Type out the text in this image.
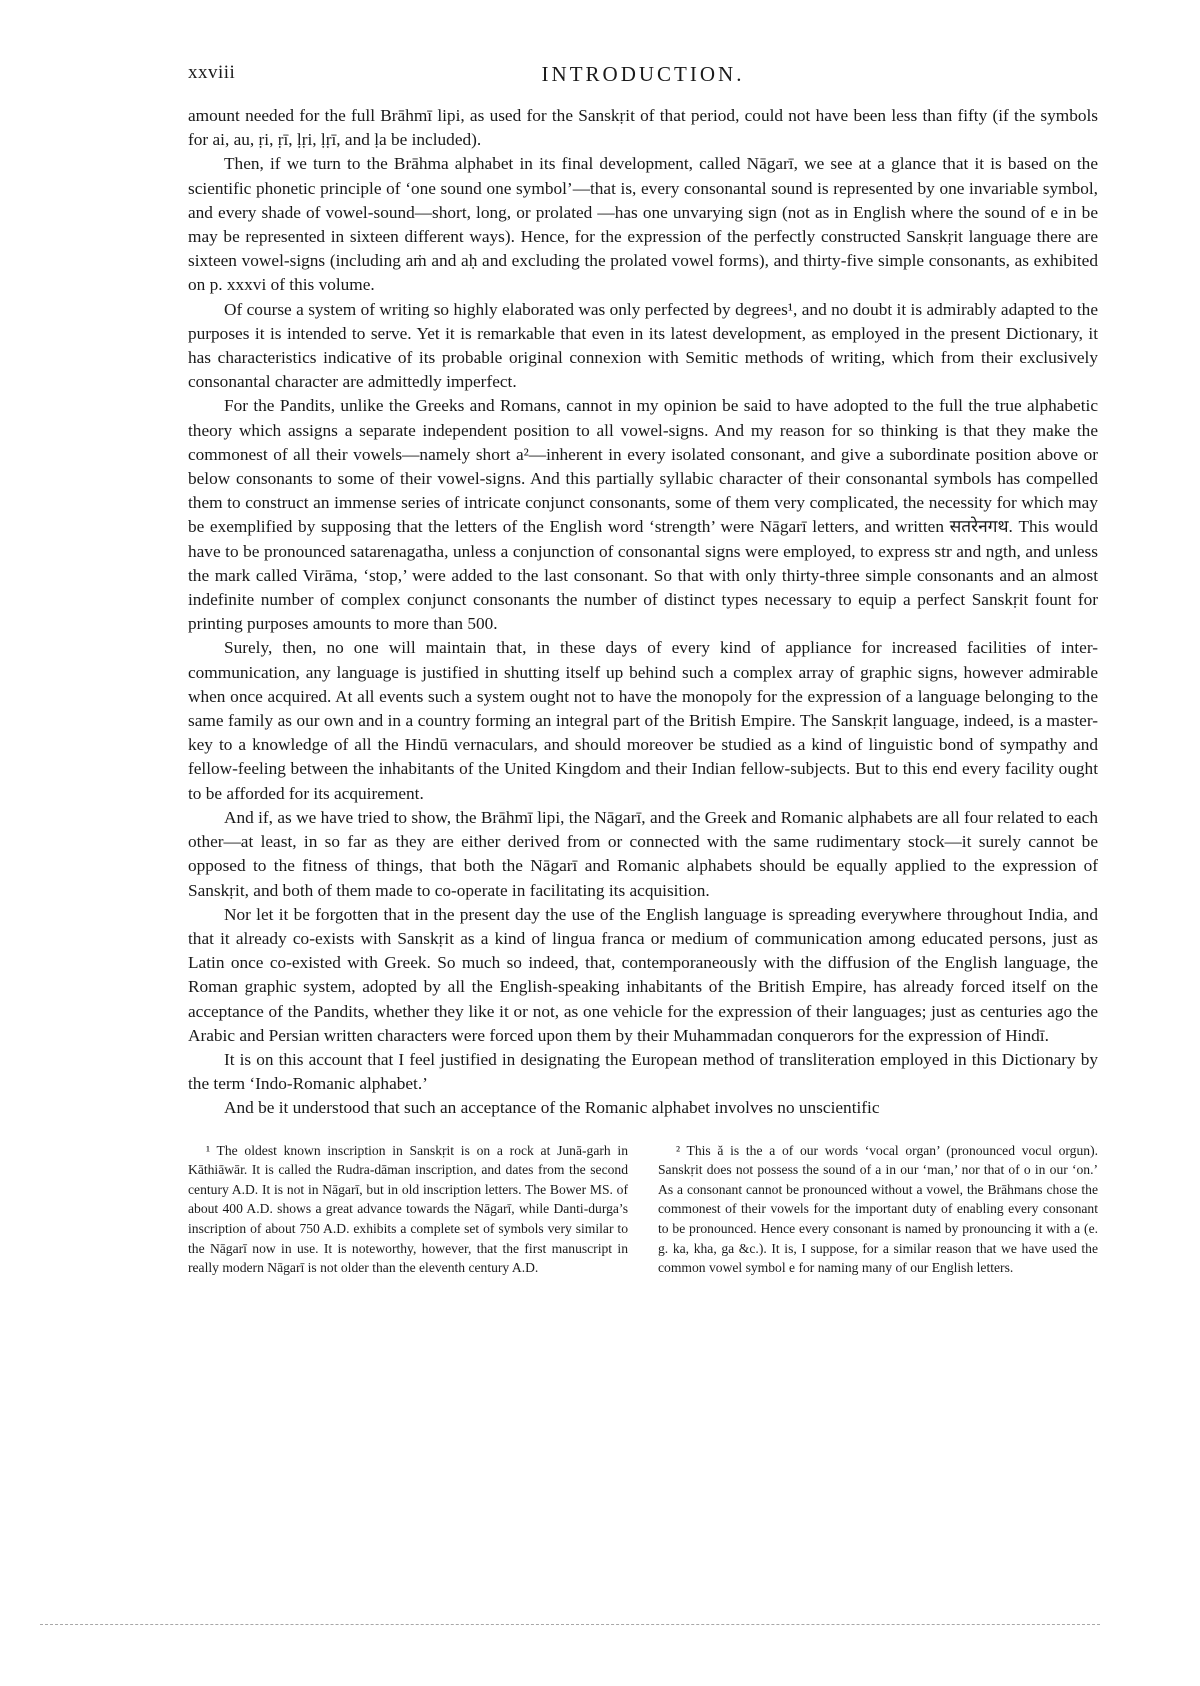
xxviii	INTRODUCTION.

amount needed for the full Brāhmī lipi, as used for the Sanskṛit of that period, could not have been less than fifty (if the symbols for ai, au, ṛi, ṛī, ḷṛi, ḷṛī, and ḷa be included).

Then, if we turn to the Brāhma alphabet in its final development, called Nāgarī, we see at a glance that it is based on the scientific phonetic principle of ‘one sound one symbol’—that is, every consonantal sound is represented by one invariable symbol, and every shade of vowel-sound—short, long, or prolated —has one unvarying sign (not as in English where the sound of e in be may be represented in sixteen different ways). Hence, for the expression of the perfectly constructed Sanskṛit language there are sixteen vowel-signs (including aṁ and aḥ and excluding the prolated vowel forms), and thirty-five simple consonants, as exhibited on p. xxxvi of this volume.

Of course a system of writing so highly elaborated was only perfected by degrees¹, and no doubt it is admirably adapted to the purposes it is intended to serve. Yet it is remarkable that even in its latest development, as employed in the present Dictionary, it has characteristics indicative of its probable original connexion with Semitic methods of writing, which from their exclusively consonantal character are admittedly imperfect.

For the Pandits, unlike the Greeks and Romans, cannot in my opinion be said to have adopted to the full the true alphabetic theory which assigns a separate independent position to all vowel-signs. And my reason for so thinking is that they make the commonest of all their vowels—namely short a²—inherent in every isolated consonant, and give a subordinate position above or below consonants to some of their vowel-signs. And this partially syllabic character of their consonantal symbols has compelled them to construct an immense series of intricate conjunct consonants, some of them very complicated, the necessity for which may be exemplified by supposing that the letters of the English word ‘strength’ were Nāgarī letters, and written सतरेनगथ. This would have to be pronounced satarenagatha, unless a conjunction of consonantal signs were employed, to express str and ngth, and unless the mark called Virāma, ‘stop,’ were added to the last consonant. So that with only thirty-three simple consonants and an almost indefinite number of complex conjunct consonants the number of distinct types necessary to equip a perfect Sanskṛit fount for printing purposes amounts to more than 500.

Surely, then, no one will maintain that, in these days of every kind of appliance for increased facilities of inter-communication, any language is justified in shutting itself up behind such a complex array of graphic signs, however admirable when once acquired. At all events such a system ought not to have the monopoly for the expression of a language belonging to the same family as our own and in a country forming an integral part of the British Empire. The Sanskṛit language, indeed, is a master-key to a knowledge of all the Hindū vernaculars, and should moreover be studied as a kind of linguistic bond of sympathy and fellow-feeling between the inhabitants of the United Kingdom and their Indian fellow-subjects. But to this end every facility ought to be afforded for its acquirement.

And if, as we have tried to show, the Brāhmī lipi, the Nāgarī, and the Greek and Romanic alphabets are all four related to each other—at least, in so far as they are either derived from or connected with the same rudimentary stock—it surely cannot be opposed to the fitness of things, that both the Nāgarī and Romanic alphabets should be equally applied to the expression of Sanskṛit, and both of them made to co-operate in facilitating its acquisition.

Nor let it be forgotten that in the present day the use of the English language is spreading everywhere throughout India, and that it already co-exists with Sanskṛit as a kind of lingua franca or medium of communication among educated persons, just as Latin once co-existed with Greek. So much so indeed, that, contemporaneously with the diffusion of the English language, the Roman graphic system, adopted by all the English-speaking inhabitants of the British Empire, has already forced itself on the acceptance of the Pandits, whether they like it or not, as one vehicle for the expression of their languages; just as centuries ago the Arabic and Persian written characters were forced upon them by their Muhammadan conquerors for the expression of Hindī.

It is on this account that I feel justified in designating the European method of transliteration employed in this Dictionary by the term ‘Indo-Romanic alphabet.’

And be it understood that such an acceptance of the Romanic alphabet involves no unscientific

¹ The oldest known inscription in Sanskṛit is on a rock at Junā-garh in Kāthiāwār. It is called the Rudra-dāman inscription, and dates from the second century A.D. It is not in Nāgarī, but in old inscription letters. The Bower MS. of about 400 A.D. shows a great advance towards the Nāgarī, while Danti-durga’s inscription of about 750 A.D. exhibits a complete set of symbols very similar to the Nāgarī now in use. It is noteworthy, however, that the first manuscript in really modern Nāgarī is not older than the eleventh century A.D.
² This ă is the a of our words ‘vocal organ’ (pronounced vocul orgun). Sanskṛit does not possess the sound of a in our ‘man,’ nor that of o in our ‘on.’ As a consonant cannot be pronounced without a vowel, the Brāhmans chose the commonest of their vowels for the important duty of enabling every consonant to be pronounced. Hence every consonant is named by pronouncing it with a (e. g. ka, kha, ga &c.). It is, I suppose, for a similar reason that we have used the common vowel symbol e for naming many of our English letters.
